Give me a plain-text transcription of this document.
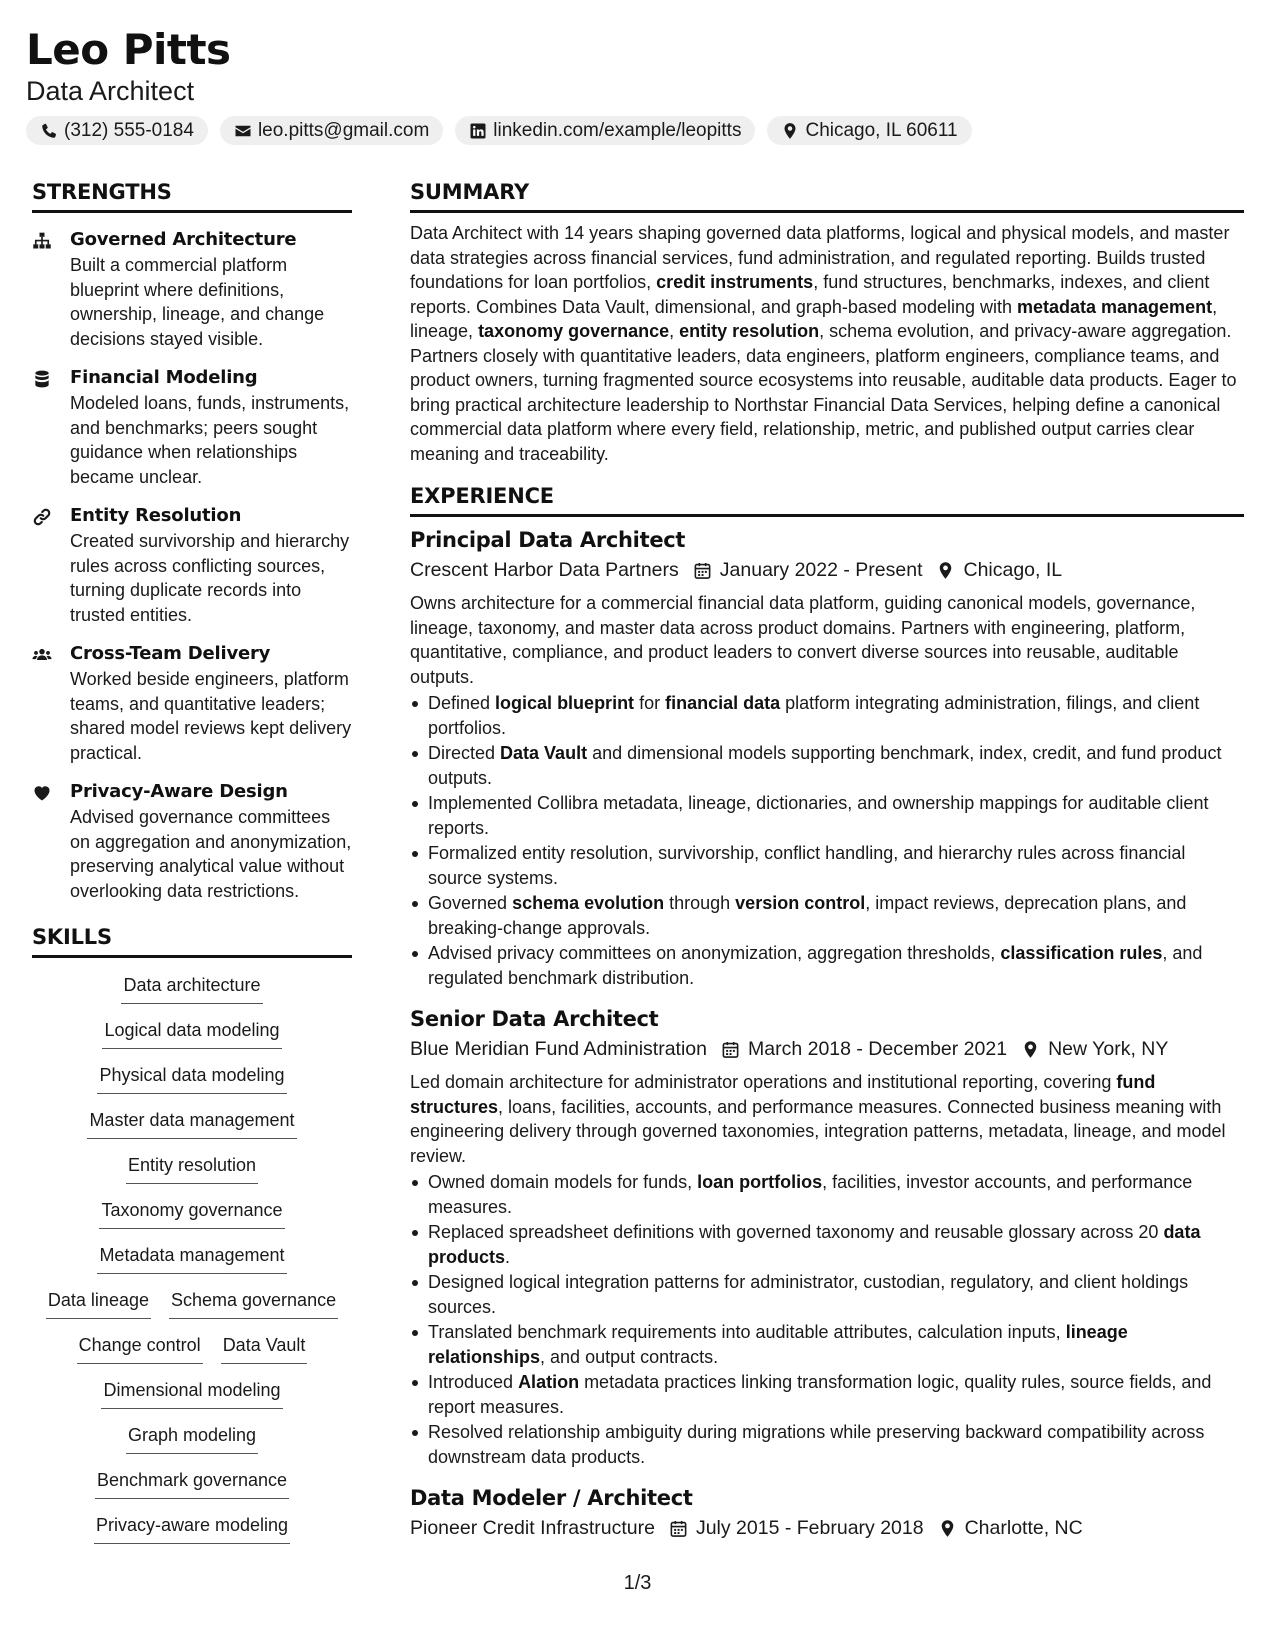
Leo Pitts
Data Architect
(312) 555-0184	leo.pitts@gmail.com	linkedin.com/example/leopitts	Chicago, IL 60611
STRENGTHS
Governed Architecture
Built a commercial platform blueprint where definitions, ownership, lineage, and change decisions stayed visible.
Financial Modeling
Modeled loans, funds, instruments, and benchmarks; peers sought guidance when relationships became unclear.
Entity Resolution
Created survivorship and hierarchy rules across conflicting sources, turning duplicate records into trusted entities.
Cross-Team Delivery
Worked beside engineers, platform teams, and quantitative leaders; shared model reviews kept delivery practical.
Privacy-Aware Design
Advised governance committees on aggregation and anonymization, preserving analytical value without overlooking data restrictions.
SKILLS
Data architecture
Logical data modeling
Physical data modeling
Master data management
Entity resolution
Taxonomy governance
Metadata management
Data lineage Schema governance
Change control Data Vault
Dimensional modeling
Graph modeling
Benchmark governance
Privacy-aware modeling
SUMMARY
Data Architect with 14 years shaping governed data platforms, logical and physical models, and master data strategies across financial services, fund administration, and regulated reporting. Builds trusted foundations for loan portfolios, credit instruments, fund structures, benchmarks, indexes, and client reports. Combines Data Vault, dimensional, and graph-based modeling with metadata management, lineage, taxonomy governance, entity resolution, schema evolution, and privacy-aware aggregation. Partners closely with quantitative leaders, data engineers, platform engineers, compliance teams, and product owners, turning fragmented source ecosystems into reusable, auditable data products. Eager to bring practical architecture leadership to Northstar Financial Data Services, helping define a canonical commercial data platform where every field, relationship, metric, and published output carries clear meaning and traceability.
EXPERIENCE
Principal Data Architect
Crescent Harbor Data Partners January 2022 - Present Chicago, IL
Owns architecture for a commercial financial data platform, guiding canonical models, governance, lineage, taxonomy, and master data across product domains. Partners with engineering, platform, quantitative, compliance, and product leaders to convert diverse sources into reusable, auditable outputs.
Defined logical blueprint for financial data platform integrating administration, filings, and client portfolios.
Directed Data Vault and dimensional models supporting benchmark, index, credit, and fund product outputs.
Implemented Collibra metadata, lineage, dictionaries, and ownership mappings for auditable client reports.
Formalized entity resolution, survivorship, conflict handling, and hierarchy rules across financial source systems.
Governed schema evolution through version control, impact reviews, deprecation plans, and breaking-change approvals.
Advised privacy committees on anonymization, aggregation thresholds, classification rules, and regulated benchmark distribution.
Senior Data Architect
Blue Meridian Fund Administration March 2018 - December 2021 New York, NY
Led domain architecture for administrator operations and institutional reporting, covering fund structures, loans, facilities, accounts, and performance measures. Connected business meaning with engineering delivery through governed taxonomies, integration patterns, metadata, lineage, and model review.
Owned domain models for funds, loan portfolios, facilities, investor accounts, and performance measures.
Replaced spreadsheet definitions with governed taxonomy and reusable glossary across 20 data products.
Designed logical integration patterns for administrator, custodian, regulatory, and client holdings sources.
Translated benchmark requirements into auditable attributes, calculation inputs, lineage relationships, and output contracts.
Introduced Alation metadata practices linking transformation logic, quality rules, source fields, and report measures.
Resolved relationship ambiguity during migrations while preserving backward compatibility across downstream data products.
Data Modeler / Architect
Pioneer Credit Infrastructure July 2015 - February 2018 Charlotte, NC
1/3
